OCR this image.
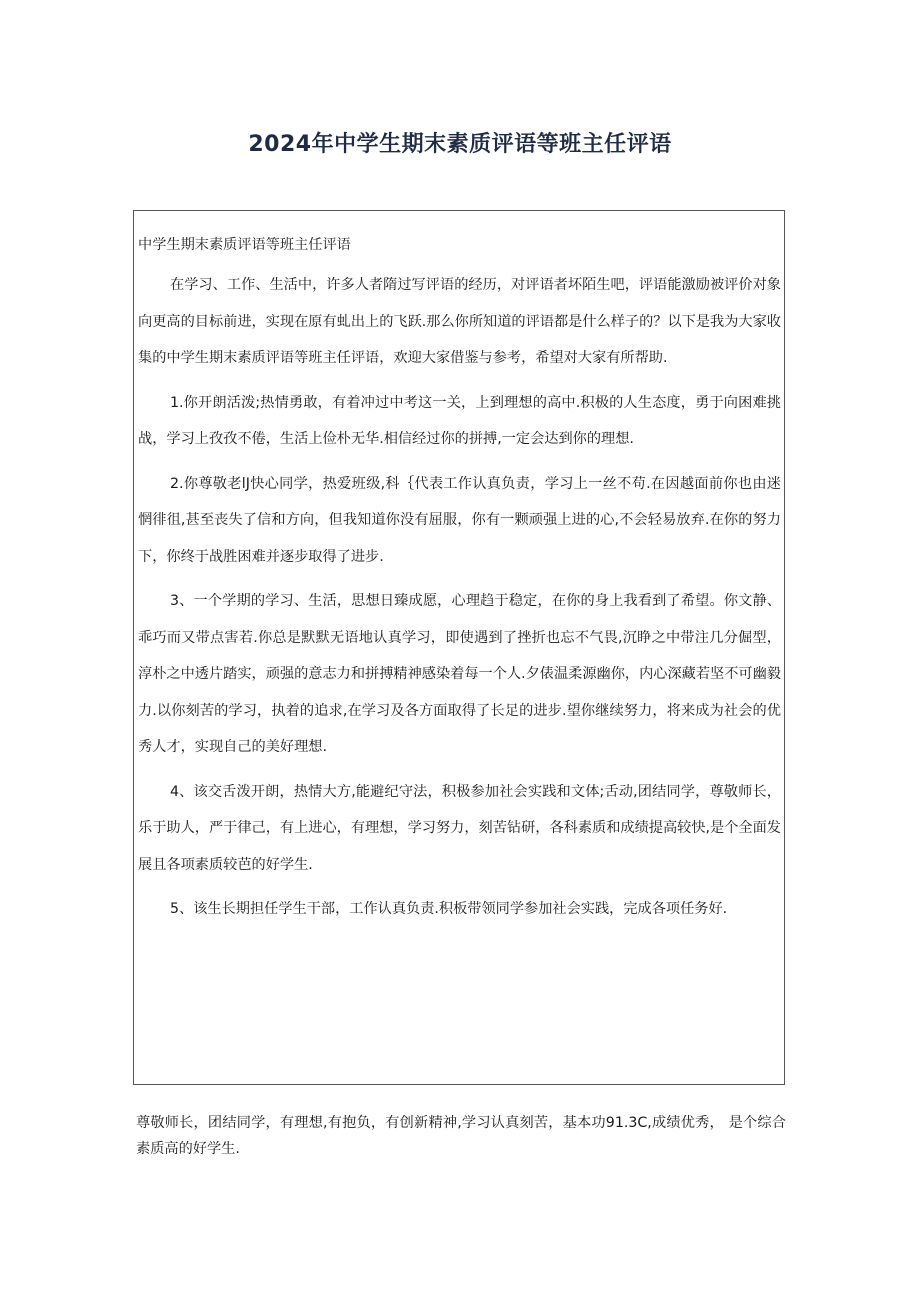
2024年中学生期末素质评语等班主任评语
中学生期末素质评语等班主任评语

在学习、工作、生活中，许多人者隋过写评语的经历，对评语者坏陌生吧，评语能激励被评价对象向更高的目标前进，实现在原有虬出上的飞跃.那么你所知道的评语都是什么样子的？以下是我为大家收集的中学生期末素质评语等班主任评语，欢迎大家借鉴与参考，希望对大家有所帮助.

1.你开朗活泼;热情勇敢，有着冲过中考这一关，上到理想的高中.积极的人生态度，勇于向困难挑战，学习上孜孜不倦，生活上俭朴无华.相信经过你的拼搏,一定会达到你的理想.

2.你尊敬老lJ快心同学，热爱班级,科｛代表工作认真负责，学习上一丝不苟.在因越面前你也由迷惘徘徂,甚至丧失了信和方向，但我知道你没有屈服，你有一颗顽强上进的心,不会轻易放弃.在你的努力下，你终于战胜困难并逐步取得了进步.

3、一个学期的学习、生活，思想日臻成愿，心理趋于稳定，在你的身上我看到了希望。你文静、乖巧而又带点害若.你总是默默无语地认真学习，即使遇到了挫折也忘不气畏,沉睁之中带注几分倔型，淳朴之中透片踏实，顽强的意志力和拼搏精神感染着每一个人.夕俵温柔源幽你，内心深藏若坚不可幽毅力.以你刻苦的学习，执着的追求,在学习及各方面取得了长足的进步.望你继续努力，将来成为社会的优秀人才，实现自己的美好理想.

4、该交舌泼开朗，热情大方,能避纪守法，积极参加社会实践和文体;舌动,团结同学，尊敬师长，乐于助人，严于律己，有上进心，有理想，学习努力，刻苦钻研，各科素质和成绩提高较快,是个全面发展且各项素质较芭的好学生.

5、该生长期担任学生干部，工作认真负责.积板带领同学参加社会实践，完成各项任务好.

尊敬师长，团结同学，有理想,有抱负，有创新精神,学习认真刻苦，基本功91.3C,成绩优秀， 是个综合素质高的好学生.
